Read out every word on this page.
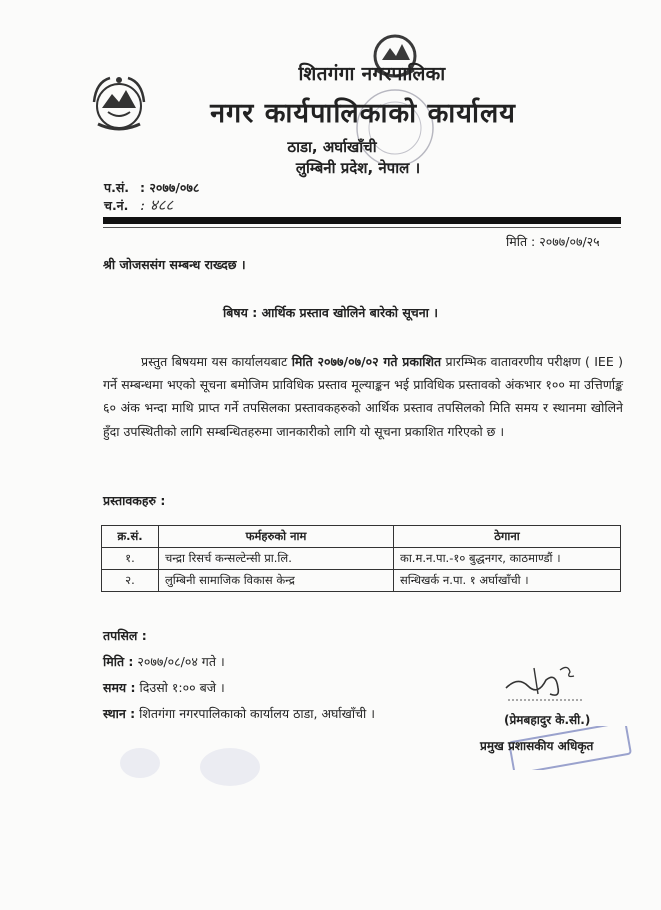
शितगंगा नगरपालिका
नगर कार्यपालिकाको कार्यालय
ठाडा, अर्घाखाँची
लुम्बिनी प्रदेश, नेपाल ।
प.सं. : २०७७/०७८
च.नं. : ४८८
मिति : २०७७/०७/२५
श्री जोजससंग सम्बन्ध राख्दछ ।
बिषय : आर्थिक प्रस्ताव खोलिने बारेको सूचना ।

प्रस्तुत बिषयमा यस कार्यालयबाट मिति २०७७/०७/०२ गते प्रकाशित प्रारम्भिक वातावरणीय परीक्षण ( IEE ) गर्ने सम्बन्धमा भएको सूचना बमोजिम प्राविधिक प्रस्ताव मूल्याङ्कन भई प्राविधिक प्रस्तावको अंकभार १०० मा उत्तिर्णाङ्क ६० अंक भन्दा माथि प्राप्त गर्ने तपसिलका प्रस्तावकहरुको आर्थिक प्रस्ताव तपसिलको मिति समय र स्थानमा खोलिने हुँदा उपस्थितीको लागि सम्बन्धितहरुमा जानकारीको लागि यो सूचना प्रकाशित गरिएको छ ।

प्रस्तावकहरु :
क्र.सं.	फर्महरुको नाम	ठेगाना
१.	चन्द्रा रिसर्च कन्सल्टेन्सी प्रा.लि.	का.म.न.पा.-१० बुद्धनगर, काठमाण्डौं ।
२.	लुम्बिनी सामाजिक विकास केन्द्र	सन्धिखर्क न.पा. १ अर्घाखाँची ।
तपसिल :
मिति : २०७७/०८/०४ गते ।
समय : दिउसो १:०० बजे ।
स्थान : शितगंगा नगरपालिकाको कार्यालय ठाडा, अर्घाखाँची ।	(प्रेमबहादुर के.सी.)
प्रमुख प्रशासकीय अधिकृत
